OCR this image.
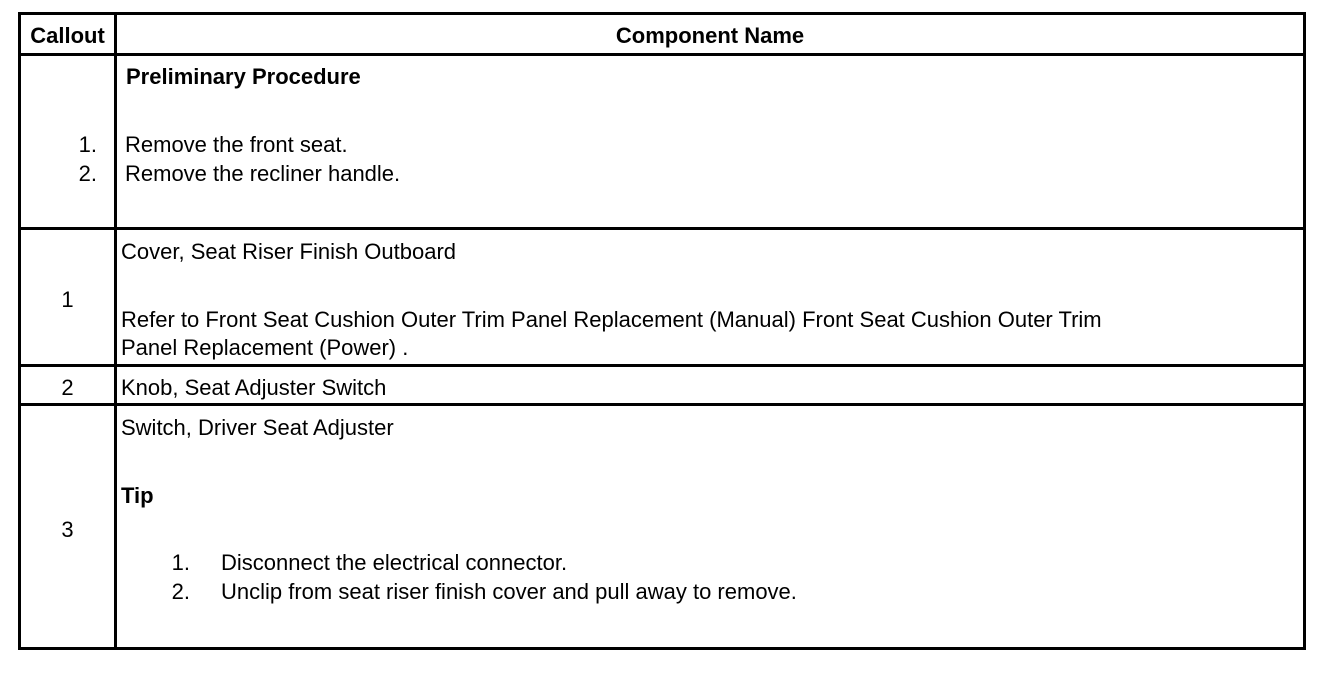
Callout	Component Name
Preliminary Procedure
1. Remove the front seat.
2. Remove the recliner handle.
1
Cover, Seat Riser Finish Outboard
Refer to Front Seat Cushion Outer Trim Panel Replacement (Manual) Front Seat Cushion Outer Trim
Panel Replacement (Power) .
2	Knob, Seat Adjuster Switch
3
Switch, Driver Seat Adjuster
Tip
1. Disconnect the electrical connector.
2. Unclip from seat riser finish cover and pull away to remove.
